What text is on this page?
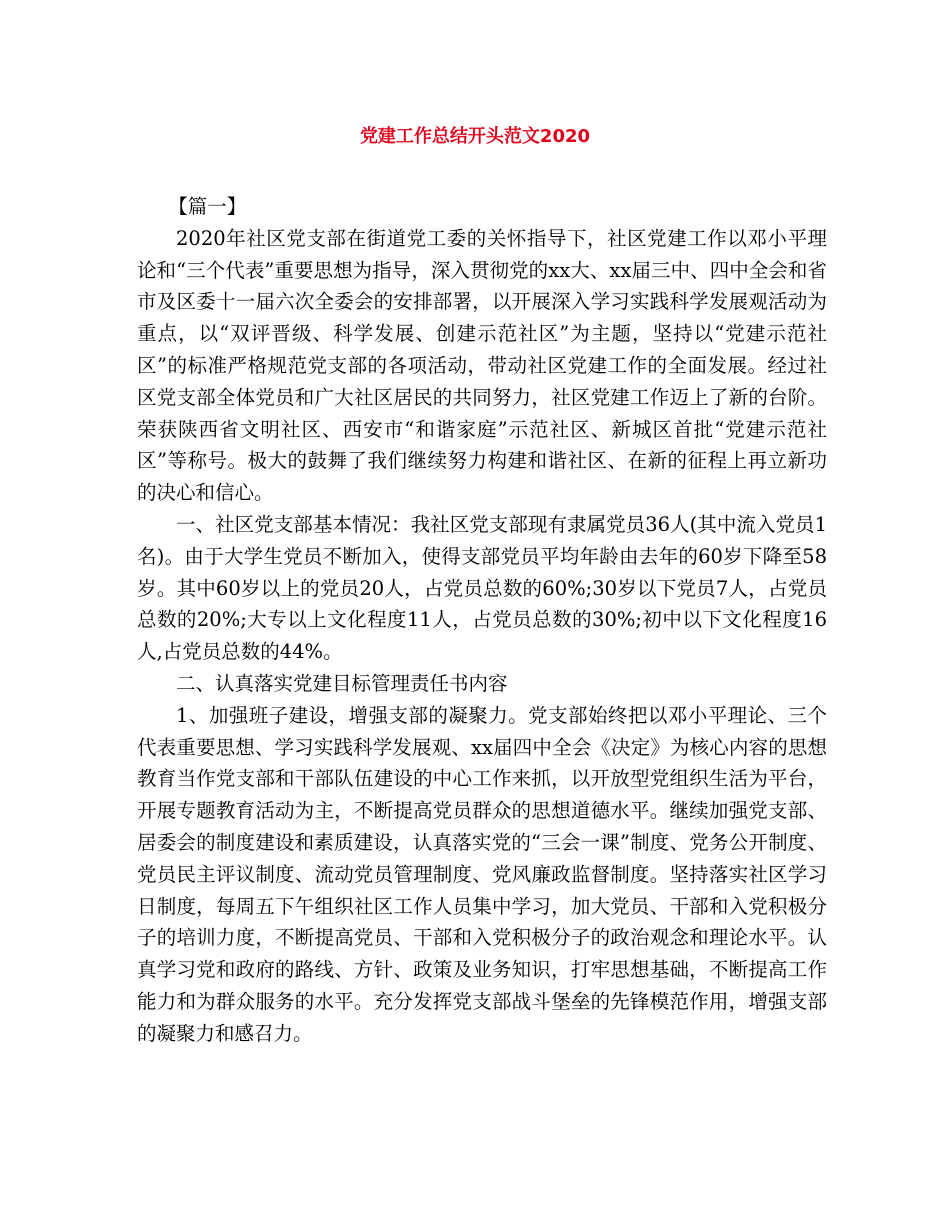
党建工作总结开头范文2020

【篇一】

2020年社区党支部在街道党工委的关怀指导下，社区党建工作以邓小平理论和“三个代表”重要思想为指导，深入贯彻党的xx大、xx届三中、四中全会和省市及区委十一届六次全委会的安排部署，以开展深入学习实践科学发展观活动为重点，以“双评晋级、科学发展、创建示范社区”为主题，坚持以“党建示范社区”的标准严格规范党支部的各项活动，带动社区党建工作的全面发展。经过社区党支部全体党员和广大社区居民的共同努力，社区党建工作迈上了新的台阶。荣获陕西省文明社区、西安市“和谐家庭”示范社区、新城区首批“党建示范社区”等称号。极大的鼓舞了我们继续努力构建和谐社区、在新的征程上再立新功的决心和信心。

一、社区党支部基本情况：我社区党支部现有隶属党员36人(其中流入党员1名)。由于大学生党员不断加入，使得支部党员平均年龄由去年的60岁下降至58岁。其中60岁以上的党员20人，占党员总数的60%;30岁以下党员7人，占党员总数的20%;大专以上文化程度11人，占党员总数的30%;初中以下文化程度16人,占党员总数的44%。

二、认真落实党建目标管理责任书内容

1、加强班子建设，增强支部的凝聚力。党支部始终把以邓小平理论、三个代表重要思想、学习实践科学发展观、xx届四中全会《决定》为核心内容的思想教育当作党支部和干部队伍建设的中心工作来抓，以开放型党组织生活为平台，开展专题教育活动为主，不断提高党员群众的思想道德水平。继续加强党支部、居委会的制度建设和素质建设，认真落实党的“三会一课”制度、党务公开制度、党员民主评议制度、流动党员管理制度、党风廉政监督制度。坚持落实社区学习日制度，每周五下午组织社区工作人员集中学习，加大党员、干部和入党积极分子的培训力度，不断提高党员、干部和入党积极分子的政治观念和理论水平。认真学习党和政府的路线、方针、政策及业务知识，打牢思想基础，不断提高工作能力和为群众服务的水平。充分发挥党支部战斗堡垒的先锋模范作用，增强支部的凝聚力和感召力。
